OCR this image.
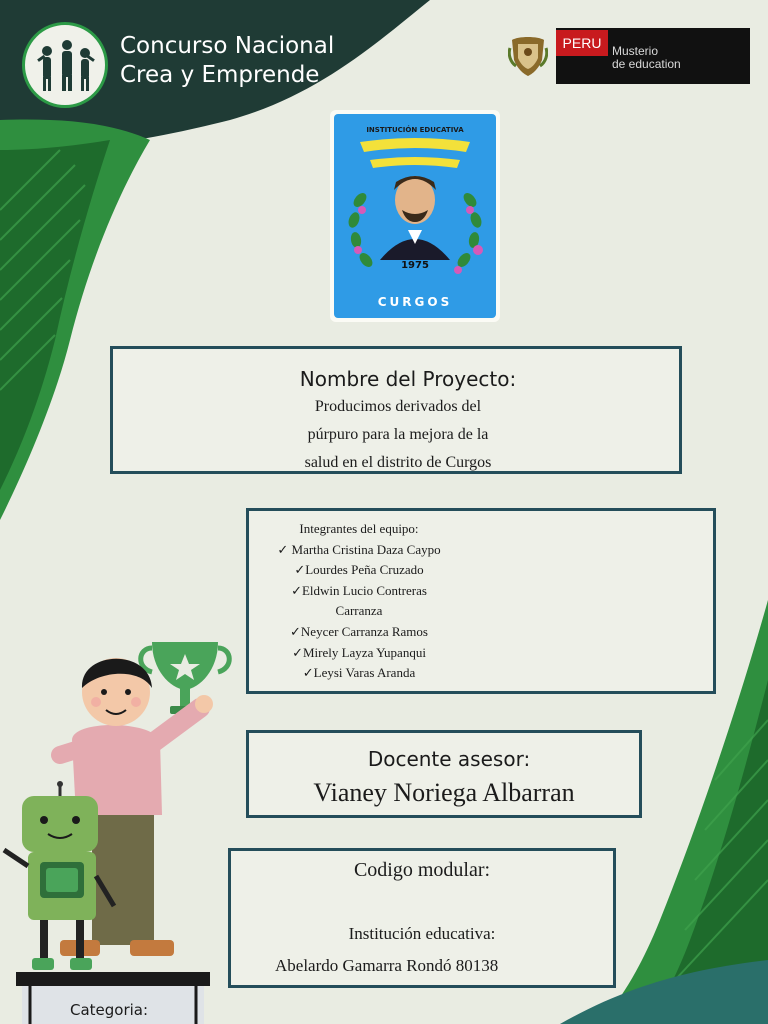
Concurso Nacional
Crea y Emprende
PERU Musterio
de education
INSTITUCIÓN EDUCATIVA
1975
CURGOS
Nombre del Proyecto:
Producimos derivados del
púrpuro para la mejora de la
salud en el distrito de Curgos
Integrantes del equipo:
✓ Martha Cristina Daza Caypo
✓Lourdes Peña Cruzado
✓Eldwin Lucio Contreras
Carranza
✓Neycer Carranza Ramos
✓Mirely Layza Yupanqui
✓Leysi Varas Aranda
Docente asesor:
Vianey Noriega Albarran
Codigo modular:
Institución educativa:
Abelardo Gamarra Rondó 80138
Categoria:
